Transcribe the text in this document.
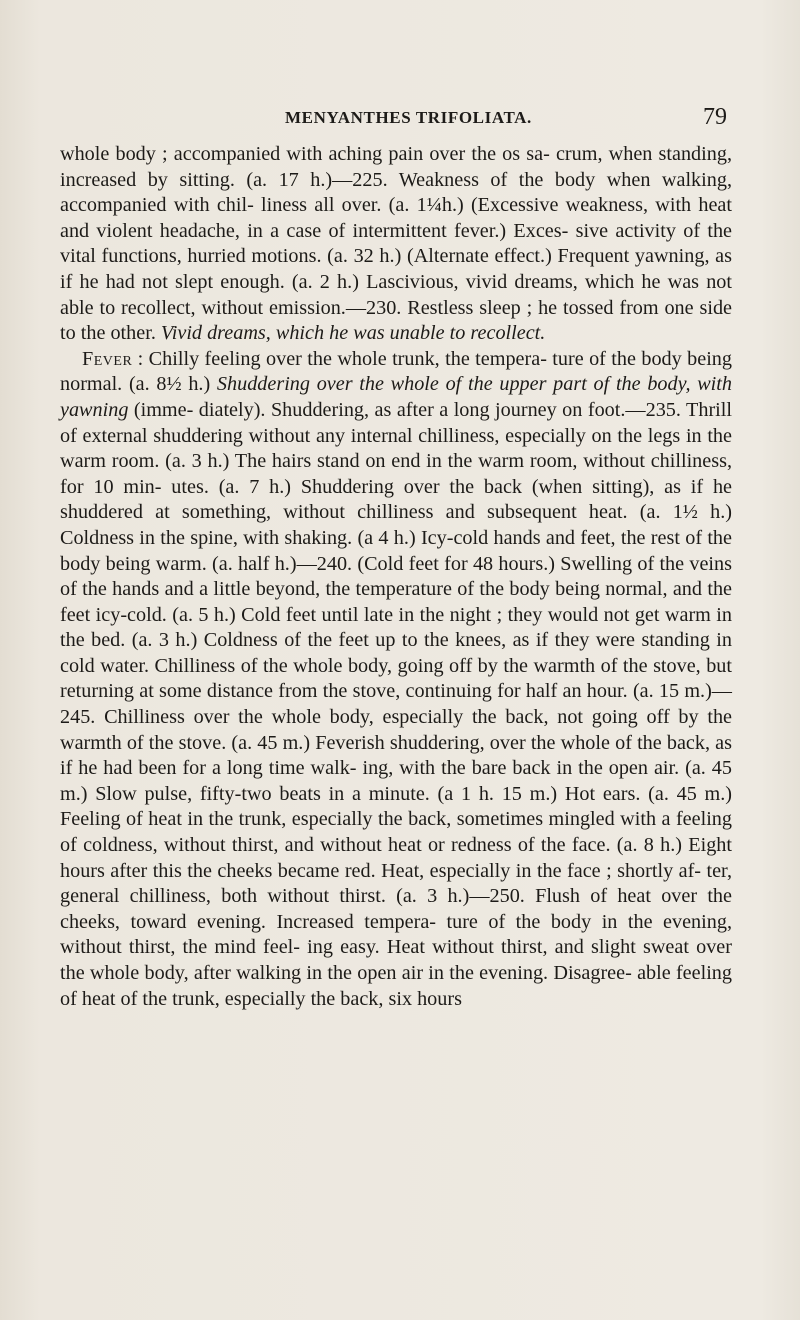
MENYANTHES TRIFOLIATA.	79

whole body ; accompanied with aching pain over the os sa- crum, when standing, increased by sitting. (a. 17 h.)—225. Weakness of the body when walking, accompanied with chil- liness all over. (a. 1¼h.) (Excessive weakness, with heat and violent headache, in a case of intermittent fever.) Exces- sive activity of the vital functions, hurried motions. (a. 32 h.) (Alternate effect.) Frequent yawning, as if he had not slept enough. (a. 2 h.) Lascivious, vivid dreams, which he was not able to recollect, without emission.—230. Restless sleep ; he tossed from one side to the other. Vivid dreams, which he was unable to recollect.

Fever : Chilly feeling over the whole trunk, the tempera- ture of the body being normal. (a. 8½ h.) Shuddering over the whole of the upper part of the body, with yawning (imme- diately). Shuddering, as after a long journey on foot.—235. Thrill of external shuddering without any internal chilliness, especially on the legs in the warm room. (a. 3 h.) The hairs stand on end in the warm room, without chilliness, for 10 min- utes. (a. 7 h.) Shuddering over the back (when sitting), as if he shuddered at something, without chilliness and subsequent heat. (a. 1½ h.) Coldness in the spine, with shaking. (a 4 h.) Icy-cold hands and feet, the rest of the body being warm. (a. half h.)—240. (Cold feet for 48 hours.) Swelling of the veins of the hands and a little beyond, the temperature of the body being normal, and the feet icy-cold. (a. 5 h.) Cold feet until late in the night ; they would not get warm in the bed. (a. 3 h.) Coldness of the feet up to the knees, as if they were standing in cold water. Chilliness of the whole body, going off by the warmth of the stove, but returning at some distance from the stove, continuing for half an hour. (a. 15 m.)—245. Chilliness over the whole body, especially the back, not going off by the warmth of the stove. (a. 45 m.) Feverish shuddering, over the whole of the back, as if he had been for a long time walk- ing, with the bare back in the open air. (a. 45 m.) Slow pulse, fifty-two beats in a minute. (a 1 h. 15 m.) Hot ears. (a. 45 m.) Feeling of heat in the trunk, especially the back, sometimes mingled with a feeling of coldness, without thirst, and without heat or redness of the face. (a. 8 h.) Eight hours after this the cheeks became red. Heat, especially in the face ; shortly af- ter, general chilliness, both without thirst. (a. 3 h.)—250. Flush of heat over the cheeks, toward evening. Increased tempera- ture of the body in the evening, without thirst, the mind feel- ing easy. Heat without thirst, and slight sweat over the whole body, after walking in the open air in the evening. Disagree- able feeling of heat of the trunk, especially the back, six hours
